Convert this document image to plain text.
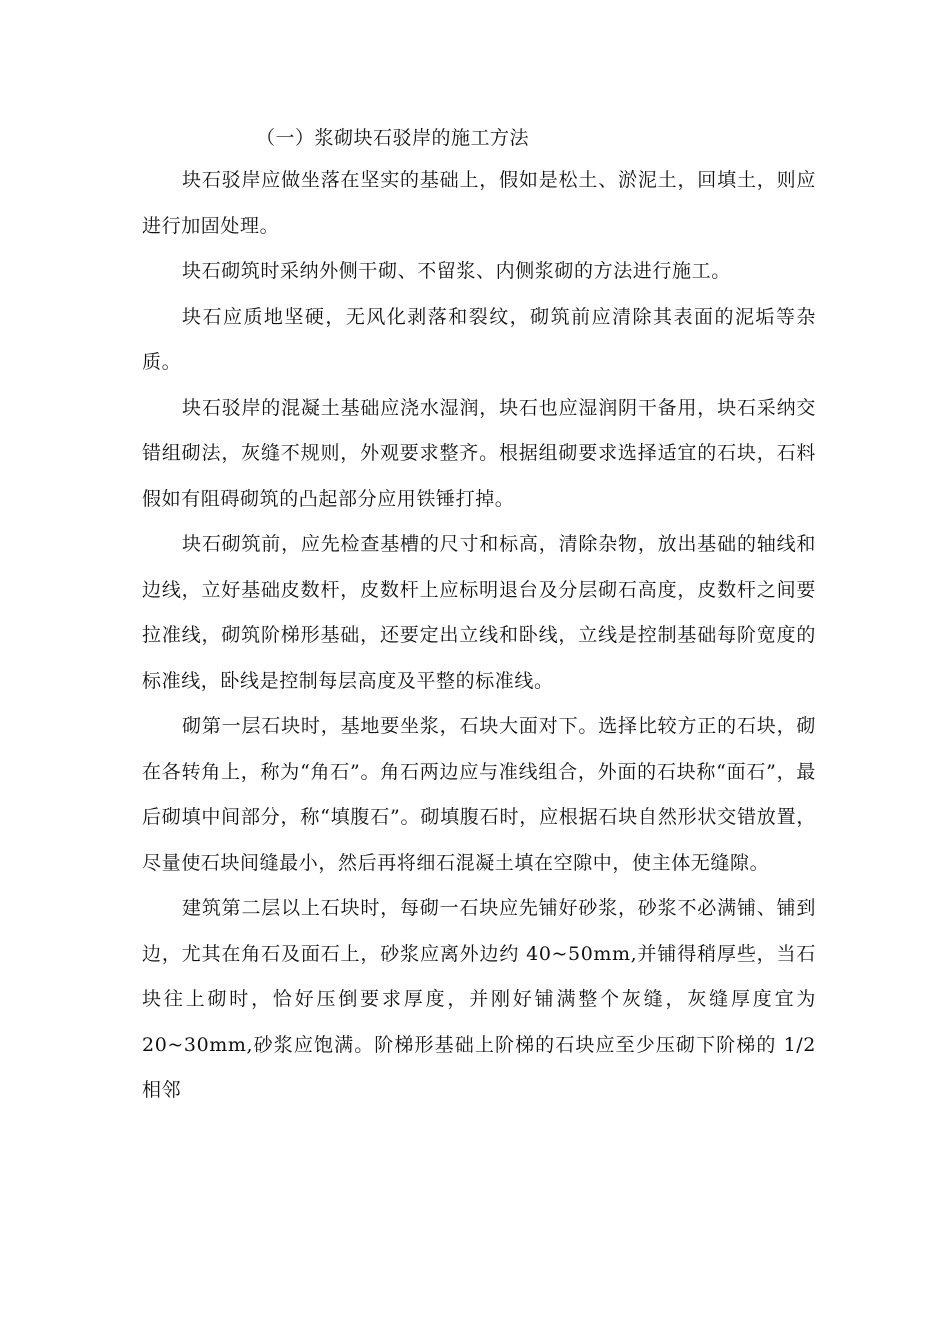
（一）浆砌块石驳岸的施工方法

块石驳岸应做坐落在坚实的基础上，假如是松土、淤泥土，回填土，则应进行加固处理。

块石砌筑时采纳外侧干砌、不留浆、内侧浆砌的方法进行施工。

块石应质地坚硬，无风化剥落和裂纹，砌筑前应清除其表面的泥垢等杂质。

块石驳岸的混凝土基础应浇水湿润，块石也应湿润阴干备用，块石采纳交错组砌法，灰缝不规则，外观要求整齐。根据组砌要求选择适宜的石块，石料假如有阻碍砌筑的凸起部分应用铁锤打掉。

块石砌筑前，应先检查基槽的尺寸和标高，清除杂物，放出基础的轴线和边线，立好基础皮数杆，皮数杆上应标明退台及分层砌石高度，皮数杆之间要拉准线，砌筑阶梯形基础，还要定出立线和卧线，立线是控制基础每阶宽度的标准线，卧线是控制每层高度及平整的标准线。

砌第一层石块时，基地要坐浆，石块大面对下。选择比较方正的石块，砌在各转角上，称为“角石”。角石两边应与准线组合，外面的石块称“面石”，最后砌填中间部分，称“填腹石”。砌填腹石时，应根据石块自然形状交错放置，尽量使石块间缝最小，然后再将细石混凝土填在空隙中，使主体无缝隙。

建筑第二层以上石块时，每砌一石块应先铺好砂浆，砂浆不必满铺、铺到边，尤其在角石及面石上，砂浆应离外边约 40~50mm,并铺得稍厚些，当石块往上砌时，恰好压倒要求厚度，并刚好铺满整个灰缝，灰缝厚度宜为 20~30mm,砂浆应饱满。阶梯形基础上阶梯的石块应至少压砌下阶梯的 1/2 相邻
